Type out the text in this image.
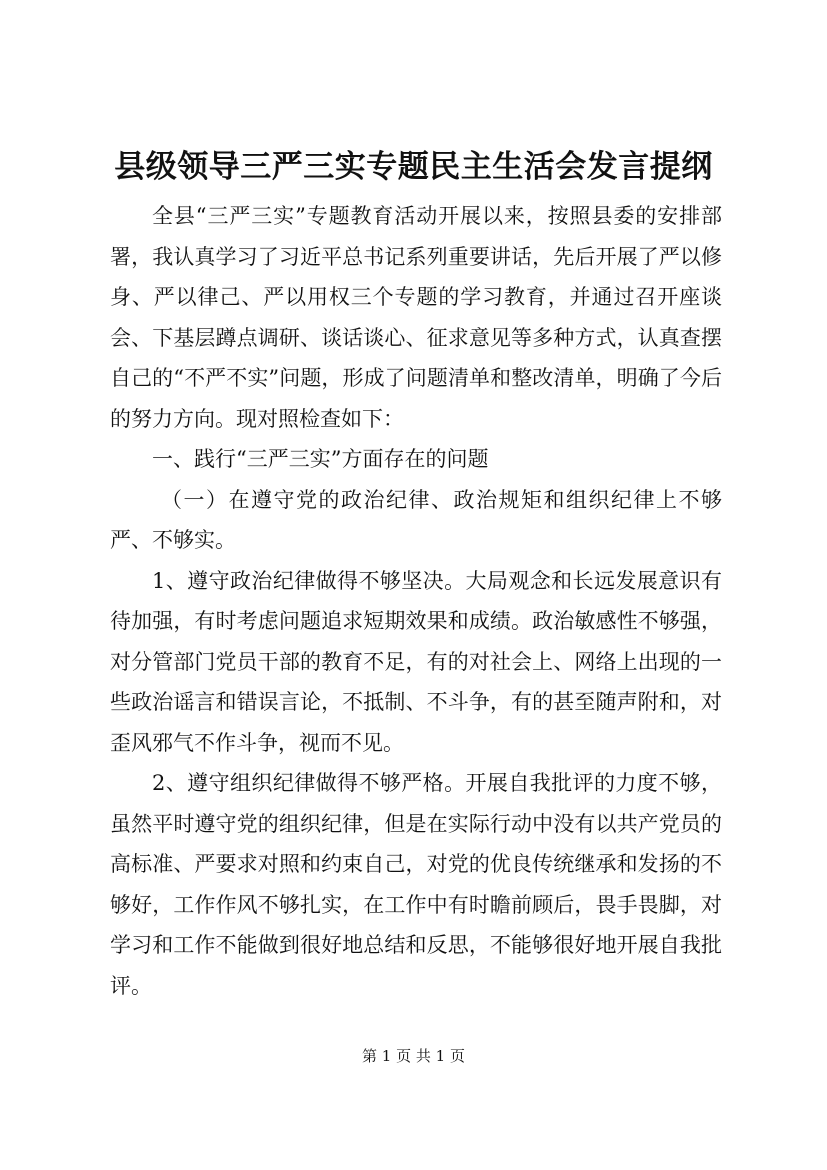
县级领导三严三实专题民主生活会发言提纲

全县“三严三实”专题教育活动开展以来，按照县委的安排部署，我认真学习了习近平总书记系列重要讲话，先后开展了严以修身、严以律己、严以用权三个专题的学习教育，并通过召开座谈会、下基层蹲点调研、谈话谈心、征求意见等多种方式，认真查摆自己的“不严不实”问题，形成了问题清单和整改清单，明确了今后的努力方向。现对照检查如下：

一、践行“三严三实”方面存在的问题

（一）在遵守党的政治纪律、政治规矩和组织纪律上不够严、不够实。

1、遵守政治纪律做得不够坚决。大局观念和长远发展意识有待加强，有时考虑问题追求短期效果和成绩。政治敏感性不够强，对分管部门党员干部的教育不足，有的对社会上、网络上出现的一些政治谣言和错误言论，不抵制、不斗争，有的甚至随声附和，对歪风邪气不作斗争，视而不见。

2、遵守组织纪律做得不够严格。开展自我批评的力度不够，虽然平时遵守党的组织纪律，但是在实际行动中没有以共产党员的高标准、严要求对照和约束自己，对党的优良传统继承和发扬的不够好，工作作风不够扎实，在工作中有时瞻前顾后，畏手畏脚，对学习和工作不能做到很好地总结和反思，不能够很好地开展自我批评。

第 1 页 共 1 页
